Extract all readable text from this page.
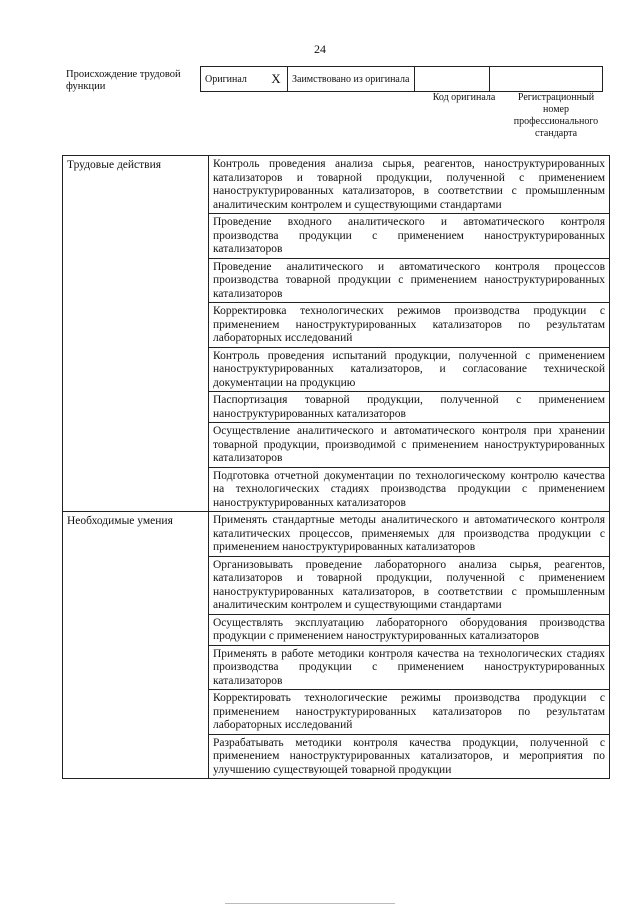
24
Происхождение трудовой функции
Оригинал	X	Заимствовано из оригинала		
Код оригинала	Регистрационный номер профессионального стандарта
Трудовые действия	Контроль проведения анализа сырья, реагентов, наноструктурированных катализаторов и товарной продукции, полученной с применением наноструктурированных катализаторов, в соответствии с промышленным аналитическим контролем и существующими стандартами
	Проведение входного аналитического и автоматического контроля производства продукции с применением наноструктурированных катализаторов
	Проведение аналитического и автоматического контроля процессов производства товарной продукции с применением наноструктурированных катализаторов
	Корректировка технологических режимов производства продукции с применением наноструктурированных катализаторов по результатам лабораторных исследований
	Контроль проведения испытаний продукции, полученной с применением наноструктурированных катализаторов, и согласование технической документации на продукцию
	Паспортизация товарной продукции, полученной с применением наноструктурированных катализаторов
	Осуществление аналитического и автоматического контроля при хранении товарной продукции, производимой с применением наноструктурированных катализаторов
	Подготовка отчетной документации по технологическому контролю качества на технологических стадиях производства продукции с применением наноструктурированных катализаторов
Необходимые умения	Применять стандартные методы аналитического и автоматического контроля каталитических процессов, применяемых для производства продукции с применением наноструктурированных катализаторов
	Организовывать проведение лабораторного анализа сырья, реагентов, катализаторов и товарной продукции, полученной с применением наноструктурированных катализаторов, в соответствии с промышленным аналитическим контролем и существующими стандартами
	Осуществлять эксплуатацию лабораторного оборудования производства продукции с применением наноструктурированных катализаторов
	Применять в работе методики контроля качества на технологических стадиях производства продукции с применением наноструктурированных катализаторов
	Корректировать технологические режимы производства продукции с применением наноструктурированных катализаторов по результатам лабораторных исследований
	Разрабатывать методики контроля качества продукции, полученной с применением наноструктурированных катализаторов, и мероприятия по улучшению существующей товарной продукции
